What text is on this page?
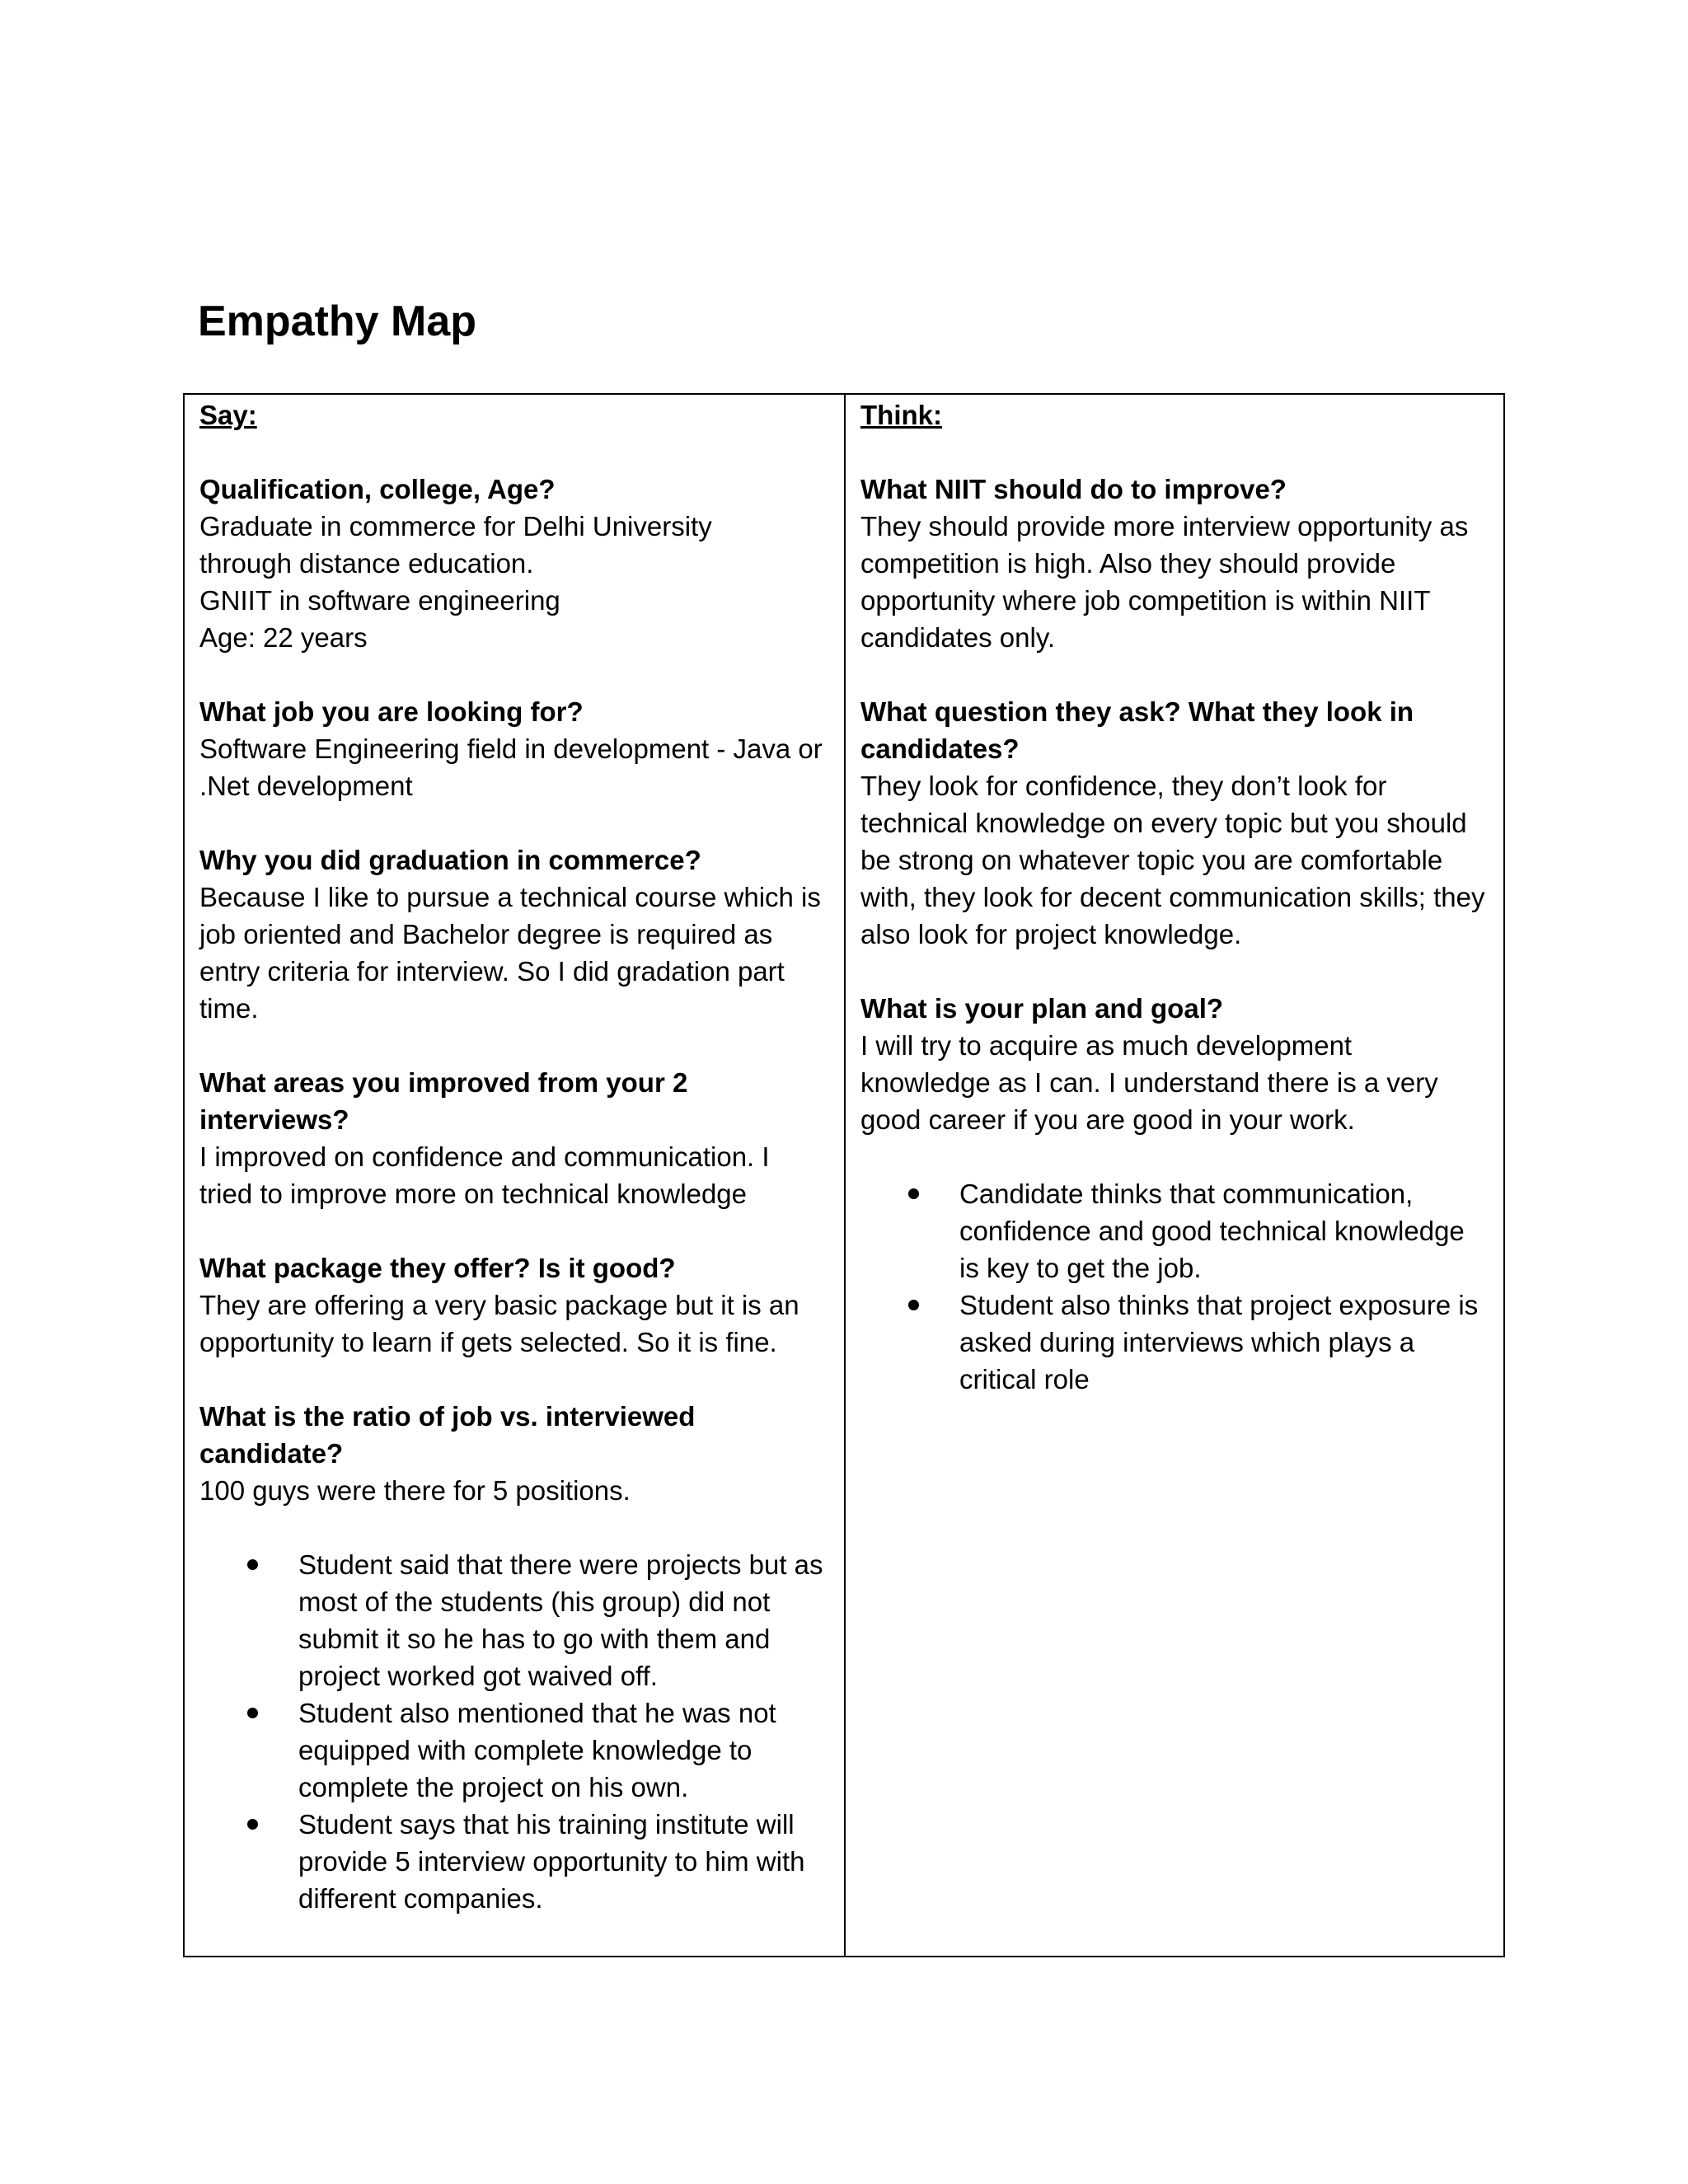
Empathy Map

Say:

Qualification, college, Age?

Graduate in commerce for Delhi University
through distance education.
GNIIT in software engineering
Age: 22 years

What job you are looking for?

Software Engineering field in development - Java or .Net development

Why you did graduation in commerce?

Because I like to pursue a technical course which is job oriented and Bachelor degree is required as entry criteria for interview. So I did gradation part time.

What areas you improved from your 2 interviews?

I improved on confidence and communication. I tried to improve more on technical knowledge

What package they offer? Is it good?

They are offering a very basic package but it is an opportunity to learn if gets selected. So it is fine.

What is the ratio of job vs. interviewed candidate?

100 guys were there for 5 positions.

Student said that there were projects but as most of the students (his group) did not submit it so he has to go with them and project worked got waived off.
Student also mentioned that he was not equipped with complete knowledge to complete the project on his own.
Student says that his training institute will provide 5 interview opportunity to him with different companies.

Think:

What NIIT should do to improve?

They should provide more interview opportunity as competition is high. Also they should provide opportunity where job competition is within NIIT candidates only.

What question they ask? What they look in candidates?

They look for confidence, they don’t look for technical knowledge on every topic but you should be strong on whatever topic you are comfortable with, they look for decent communication skills; they also look for project knowledge.

What is your plan and goal?

I will try to acquire as much development knowledge as I can. I understand there is a very good career if you are good in your work.

Candidate thinks that communication, confidence and good technical knowledge is key to get the job.
Student also thinks that project exposure is asked during interviews which plays a critical role
